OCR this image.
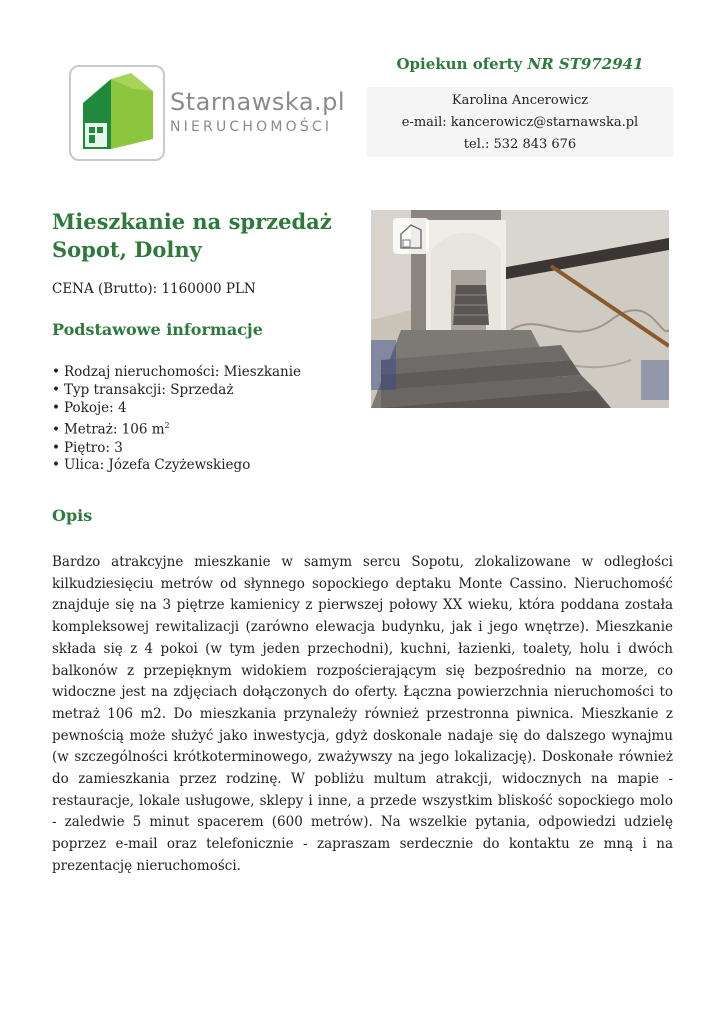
Starnawska.pl
NIERUCHOMOŚCI
Opiekun oferty NR ST972941
Karolina Ancerowicz
e-mail: kancerowicz@starnawska.pl
tel.: 532 843 676
Mieszkanie na sprzedaż
Sopot, Dolny
CENA (Brutto): 1160000 PLN
Podstawowe informacje
• Rodzaj nieruchomości: Mieszkanie
• Typ transakcji: Sprzedaż
• Pokoje: 4
• Metraż: 106 $m^2$
• Piętro: 3
• Ulica: Józefa Czyżewskiego
Opis

Bardzo atrakcyjne mieszkanie w samym sercu Sopotu, zlokalizowane w odległości kilkudziesięciu metrów od słynnego sopockiego deptaku Monte Cassino. Nieruchomość znajduje się na 3 piętrze kamienicy z pierwszej połowy XX wieku, która poddana została kompleksowej rewitalizacji (zarówno elewacja budynku, jak i jego wnętrze). Mieszkanie składa się z 4 pokoi (w tym jeden przechodni), kuchni, łazienki, toalety, holu i dwóch balkonów z przepięknym widokiem rozpościerającym się bezpośrednio na morze, co widoczne jest na zdjęciach dołączonych do oferty. Łączna powierzchnia nieruchomości to metraż 106 m2. Do mieszkania przynależy również przestronna piwnica. Mieszkanie z pewnością może służyć jako inwestycja, gdyż doskonale nadaje się do dalszego wynajmu (w szczególności krótkoterminowego, zważywszy na jego lokalizację). Doskonałe również do zamieszkania przez rodzinę. W pobliżu multum atrakcji, widocznych na mapie - restauracje, lokale usługowe, sklepy i inne, a przede wszystkim bliskość sopockiego molo - zaledwie 5 minut spacerem (600 metrów). Na wszelkie pytania, odpowiedzi udzielę poprzez e-mail oraz telefonicznie - zapraszam serdecznie do kontaktu ze mną i na prezentację nieruchomości.
